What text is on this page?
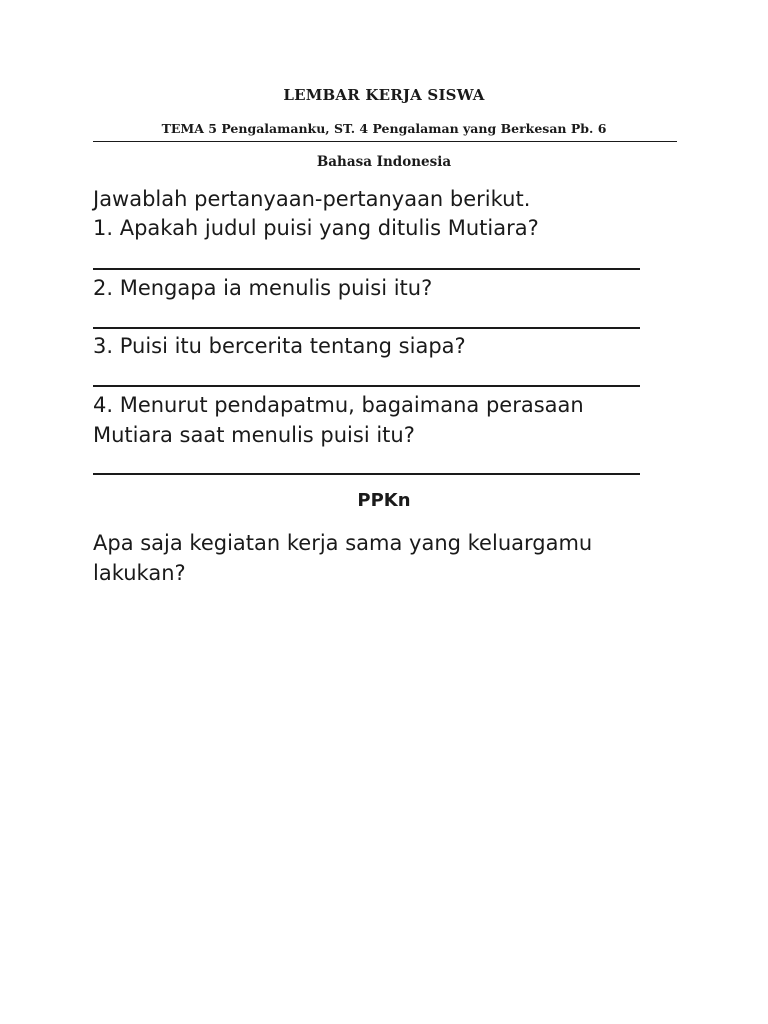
LEMBAR KERJA SISWA
TEMA 5 Pengalamanku, ST. 4 Pengalaman yang Berkesan Pb. 6
Bahasa Indonesia
Jawablah pertanyaan-pertanyaan berikut.
1. Apakah judul puisi yang ditulis Mutiara?
2. Mengapa ia menulis puisi itu?
3. Puisi itu bercerita tentang siapa?
4. Menurut pendapatmu, bagaimana perasaan
Mutiara saat menulis puisi itu?
PPKn
Apa saja kegiatan kerja sama yang keluargamu
lakukan?
